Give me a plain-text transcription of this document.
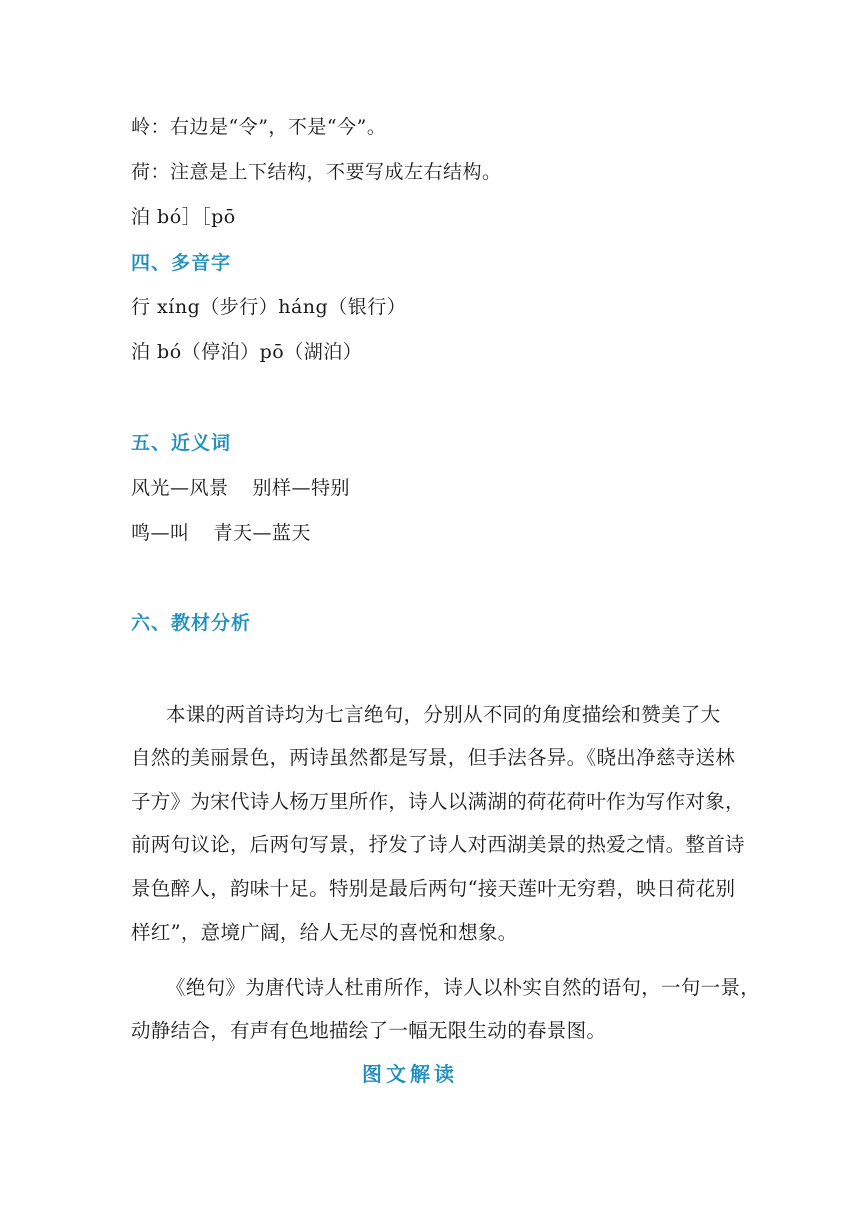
岭：右边是“令”，不是“今”。
荷：注意是上下结构，不要写成左右结构。
泊 bó］［pō
四、多音字
行 xíng（步行）háng（银行）
泊 bó（停泊）pō（湖泊）
五、近义词
风光—风景 别样—特别
鸣—叫 青天—蓝天
六、教材分析
本课的两首诗均为七言绝句，分别从不同的角度描绘和赞美了大
自然的美丽景色，两诗虽然都是写景，但手法各异。《晓出净慈寺送林
子方》为宋代诗人杨万里所作，诗人以满湖的荷花荷叶作为写作对象，
前两句议论，后两句写景，抒发了诗人对西湖美景的热爱之情。整首诗
景色醉人，韵味十足。特别是最后两句“接天莲叶无穷碧，映日荷花别
样红”，意境广阔，给人无尽的喜悦和想象。
《绝句》为唐代诗人杜甫所作，诗人以朴实自然的语句，一句一景，
动静结合，有声有色地描绘了一幅无限生动的春景图。
图文解读
